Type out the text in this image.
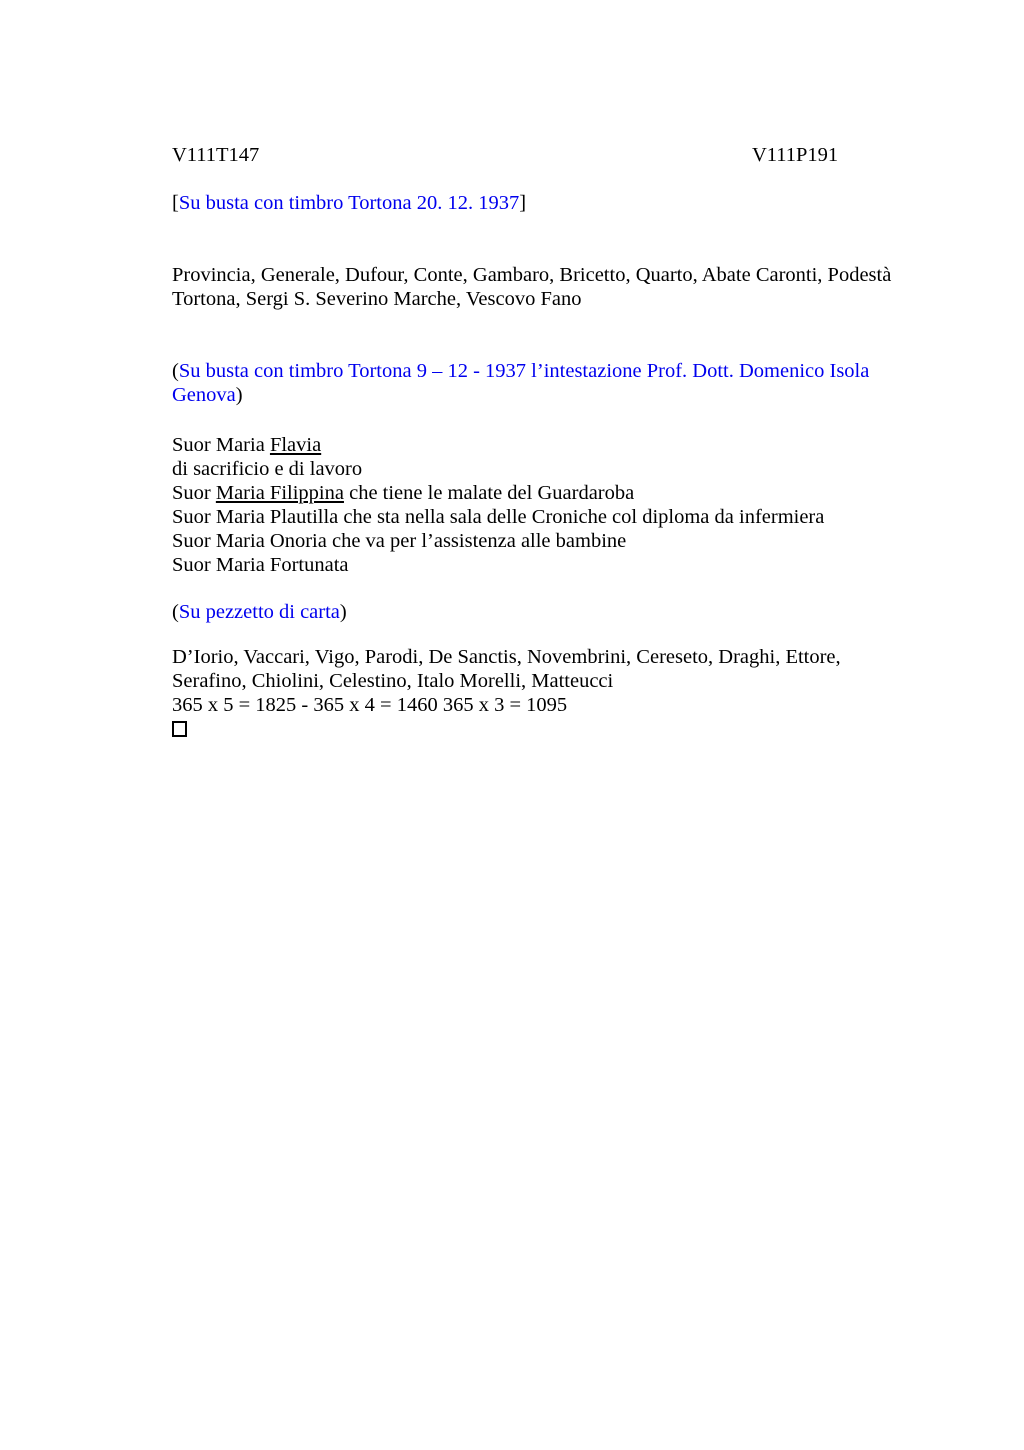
V111T147	V111P191
[Su busta con timbro Tortona 20. 12. 1937]
Provincia, Generale, Dufour, Conte, Gambaro, Bricetto, Quarto, Abate Caronti, Podestà
Tortona, Sergi S. Severino Marche, Vescovo Fano
(Su busta con timbro Tortona 9 – 12 - 1937 l’intestazione Prof. Dott. Domenico Isola
Genova)
Suor Maria Flavia
di sacrificio e di lavoro
Suor Maria Filippina che tiene le malate del Guardaroba
Suor Maria Plautilla che sta nella sala delle Croniche col diploma da infermiera
Suor Maria Onoria che va per l’assistenza alle bambine
Suor Maria Fortunata
(Su pezzetto di carta)
D’Iorio, Vaccari, Vigo, Parodi, De Sanctis, Novembrini, Cereseto, Draghi, Ettore,
Serafino, Chiolini, Celestino, Italo Morelli, Matteucci
365 x 5 = 1825 - 365 x 4 = 1460 365 x 3 = 1095
